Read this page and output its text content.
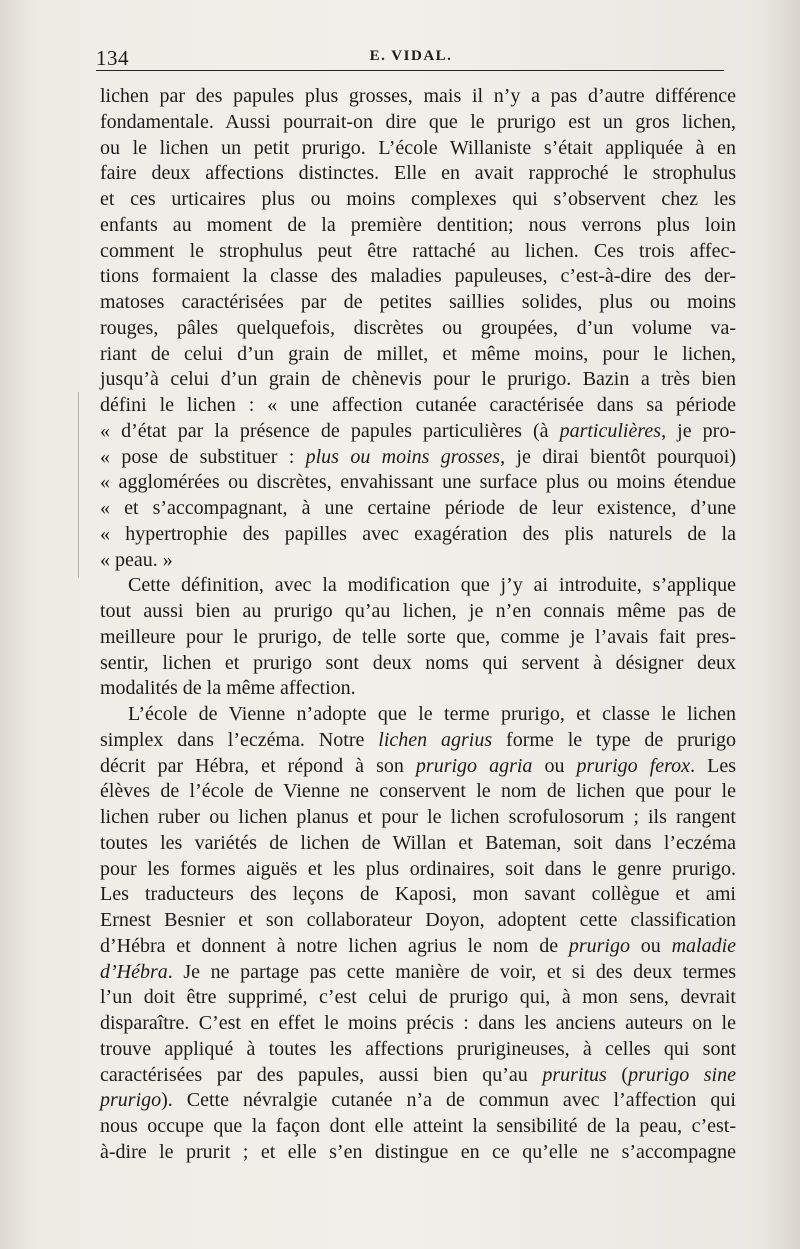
134	E. VIDAL.
lichen par des papules plus grosses, mais il n’y a pas d’autre différence
fondamentale. Aussi pourrait-on dire que le prurigo est un gros lichen,
ou le lichen un petit prurigo. L’école Willaniste s’était appliquée à en
faire deux affections distinctes. Elle en avait rapproché le strophulus
et ces urticaires plus ou moins complexes qui s’observent chez les
enfants au moment de la première dentition; nous verrons plus loin
comment le strophulus peut être rattaché au lichen. Ces trois affec-
tions formaient la classe des maladies papuleuses, c’est-à-dire des der-
matoses caractérisées par de petites saillies solides, plus ou moins
rouges, pâles quelquefois, discrètes ou groupées, d’un volume va-
riant de celui d’un grain de millet, et même moins, pour le lichen,
jusqu’à celui d’un grain de chènevis pour le prurigo. Bazin a très bien
défini le lichen : « une affection cutanée caractérisée dans sa période
« d’état par la présence de papules particulières (à particulières, je pro-
« pose de substituer : plus ou moins grosses, je dirai bientôt pourquoi)
« agglomérées ou discrètes, envahissant une surface plus ou moins étendue
« et s’accompagnant, à une certaine période de leur existence, d’une
« hypertrophie des papilles avec exagération des plis naturels de la
« peau. »
Cette définition, avec la modification que j’y ai introduite, s’applique
tout aussi bien au prurigo qu’au lichen, je n’en connais même pas de
meilleure pour le prurigo, de telle sorte que, comme je l’avais fait pres-
sentir, lichen et prurigo sont deux noms qui servent à désigner deux
modalités de la même affection.
L’école de Vienne n’adopte que le terme prurigo, et classe le lichen
simplex dans l’eczéma. Notre lichen agrius forme le type de prurigo
décrit par Hébra, et répond à son prurigo agria ou prurigo ferox. Les
élèves de l’école de Vienne ne conservent le nom de lichen que pour le
lichen ruber ou lichen planus et pour le lichen scrofulosorum ; ils rangent
toutes les variétés de lichen de Willan et Bateman, soit dans l’eczéma
pour les formes aiguës et les plus ordinaires, soit dans le genre prurigo.
Les traducteurs des leçons de Kaposi, mon savant collègue et ami
Ernest Besnier et son collaborateur Doyon, adoptent cette classification
d’Hébra et donnent à notre lichen agrius le nom de prurigo ou maladie
d’Hébra. Je ne partage pas cette manière de voir, et si des deux termes
l’un doit être supprimé, c’est celui de prurigo qui, à mon sens, devrait
disparaître. C’est en effet le moins précis : dans les anciens auteurs on le
trouve appliqué à toutes les affections prurigineuses, à celles qui sont
caractérisées par des papules, aussi bien qu’au pruritus (prurigo sine
prurigo). Cette névralgie cutanée n’a de commun avec l’affection qui
nous occupe que la façon dont elle atteint la sensibilité de la peau, c’est-
à-dire le prurit ; et elle s’en distingue en ce qu’elle ne s’accompagne
